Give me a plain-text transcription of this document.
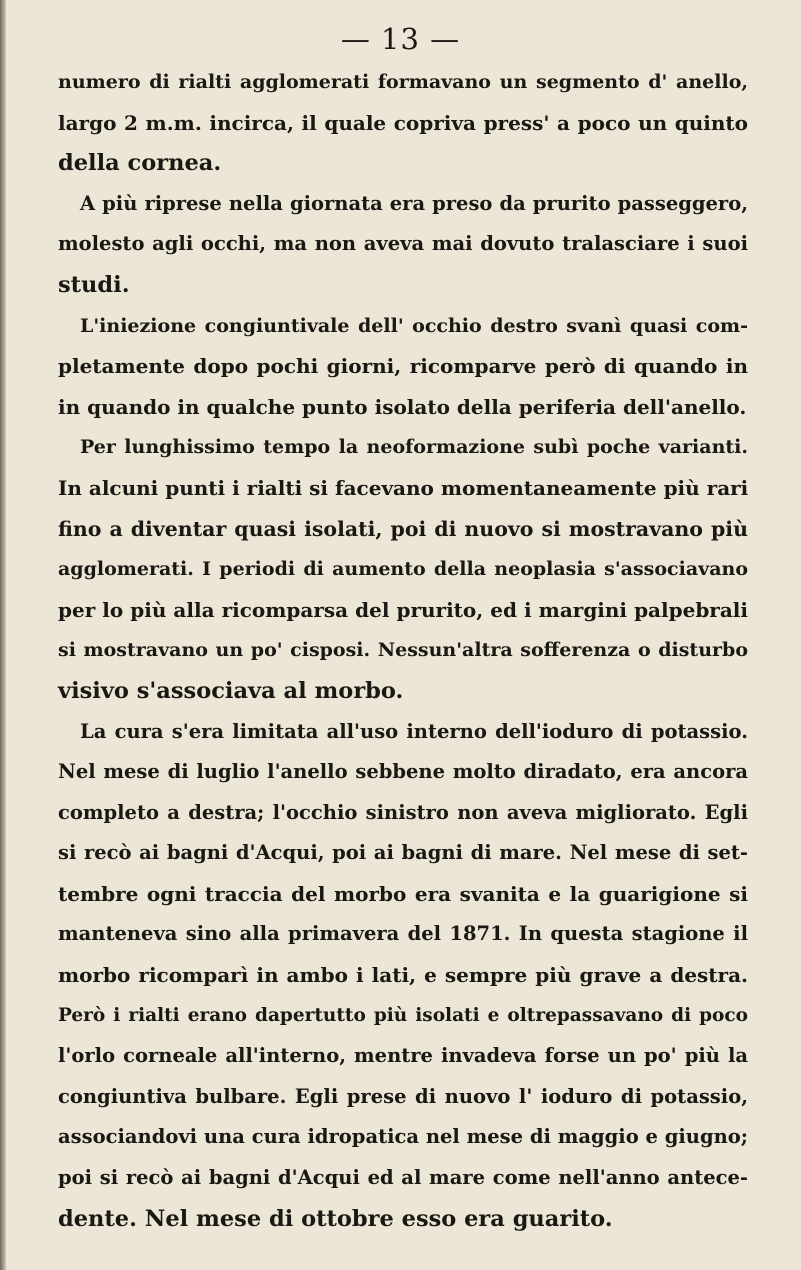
— 13 —
numero di rialti agglomerati formavano un segmento d' anello,
largo 2 m.m. incirca, il quale copriva press' a poco un quinto
della cornea.
A più riprese nella giornata era preso da prurito passeggero,
molesto agli occhi, ma non aveva mai dovuto tralasciare i suoi
studi.
L'iniezione congiuntivale dell' occhio destro svanì quasi com-
pletamente dopo pochi giorni, ricomparve però di quando in
in quando in qualche punto isolato della periferia dell'anello.
Per lunghissimo tempo la neoformazione subì poche varianti.
In alcuni punti i rialti si facevano momentaneamente più rari
fino a diventar quasi isolati, poi di nuovo si mostravano più
agglomerati. I periodi di aumento della neoplasia s'associavano
per lo più alla ricomparsa del prurito, ed i margini palpebrali
si mostravano un po' cisposi. Nessun'altra sofferenza o disturbo
visivo s'associava al morbo.
La cura s'era limitata all'uso interno dell'ioduro di potassio.
Nel mese di luglio l'anello sebbene molto diradato, era ancora
completo a destra; l'occhio sinistro non aveva migliorato. Egli
si recò ai bagni d'Acqui, poi ai bagni di mare. Nel mese di set-
tembre ogni traccia del morbo era svanita e la guarigione si
manteneva sino alla primavera del 1871. In questa stagione il
morbo ricomparì in ambo i lati, e sempre più grave a destra.
Però i rialti erano dapertutto più isolati e oltrepassavano di poco
l'orlo corneale all'interno, mentre invadeva forse un po' più la
congiuntiva bulbare. Egli prese di nuovo l' ioduro di potassio,
associandovi una cura idropatica nel mese di maggio e giugno;
poi si recò ai bagni d'Acqui ed al mare come nell'anno antece-
dente. Nel mese di ottobre esso era guarito.
